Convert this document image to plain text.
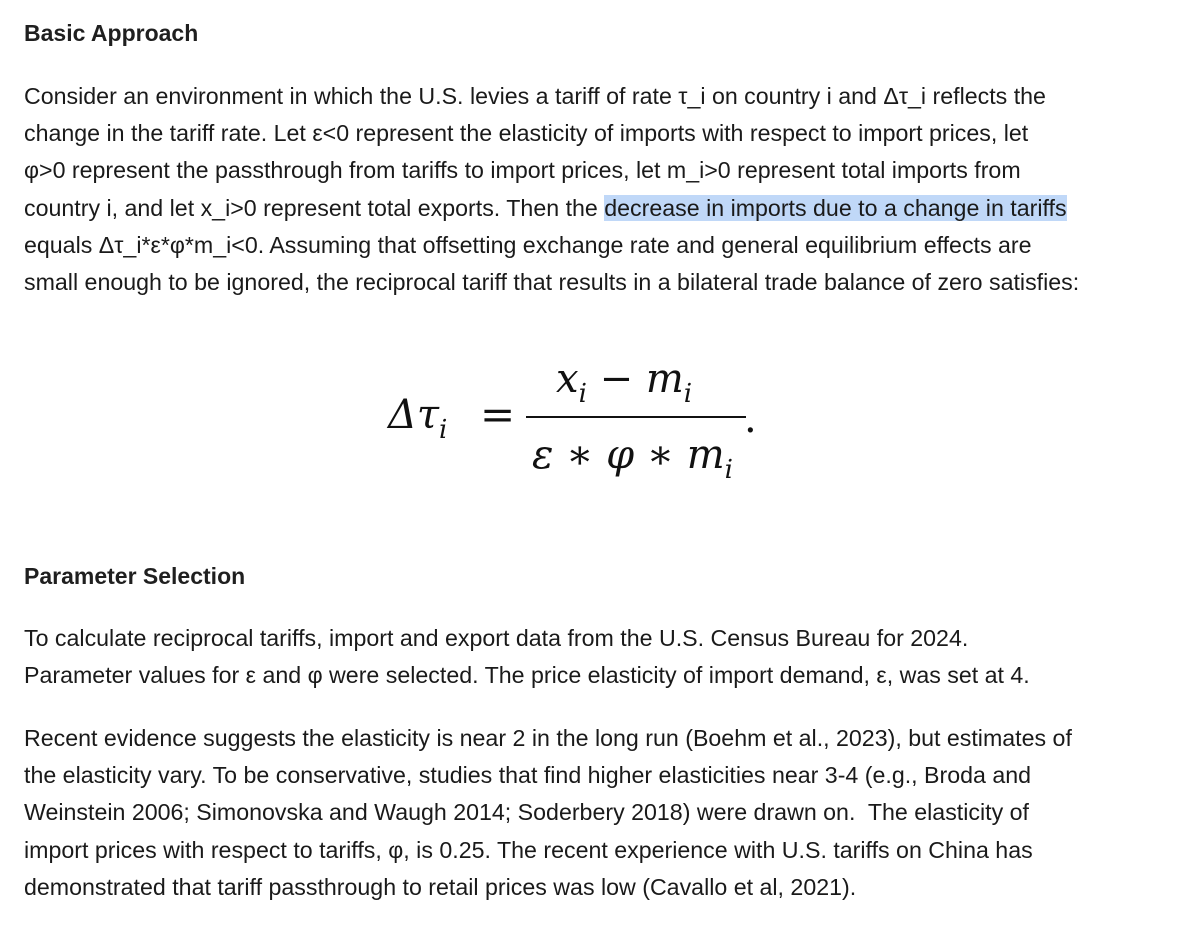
Basic Approach

Consider an environment in which the U.S. levies a tariff of rate τ_i on country i and Δτ_i reflects the
change in the tariff rate. Let ε<0 represent the elasticity of imports with respect to import prices, let
φ>0 represent the passthrough from tariffs to import prices, let m_i>0 represent total imports from
country i, and let x_i>0 represent total exports. Then the decrease in imports due to a change in tariffs
equals Δτ_i*ε*φ*m_i<0. Assuming that offsetting exchange rate and general equilibrium effects are
small enough to be ignored, the reciprocal tariff that results in a bilateral trade balance of zero satisfies:

$\Delta\tau_i$ =
$x_i - m_i$
ε ∗ φ ∗ $m_i$
.
Parameter Selection

To calculate reciprocal tariffs, import and export data from the U.S. Census Bureau for 2024.
Parameter values for ε and φ were selected. The price elasticity of import demand, ε, was set at 4.

Recent evidence suggests the elasticity is near 2 in the long run (Boehm et al., 2023), but estimates of
the elasticity vary. To be conservative, studies that find higher elasticities near 3-4 (e.g., Broda and
Weinstein 2006; Simonovska and Waugh 2014; Soderbery 2018) were drawn on.  The elasticity of
import prices with respect to tariffs, φ, is 0.25. The recent experience with U.S. tariffs on China has
demonstrated that tariff passthrough to retail prices was low (Cavallo et al, 2021).
